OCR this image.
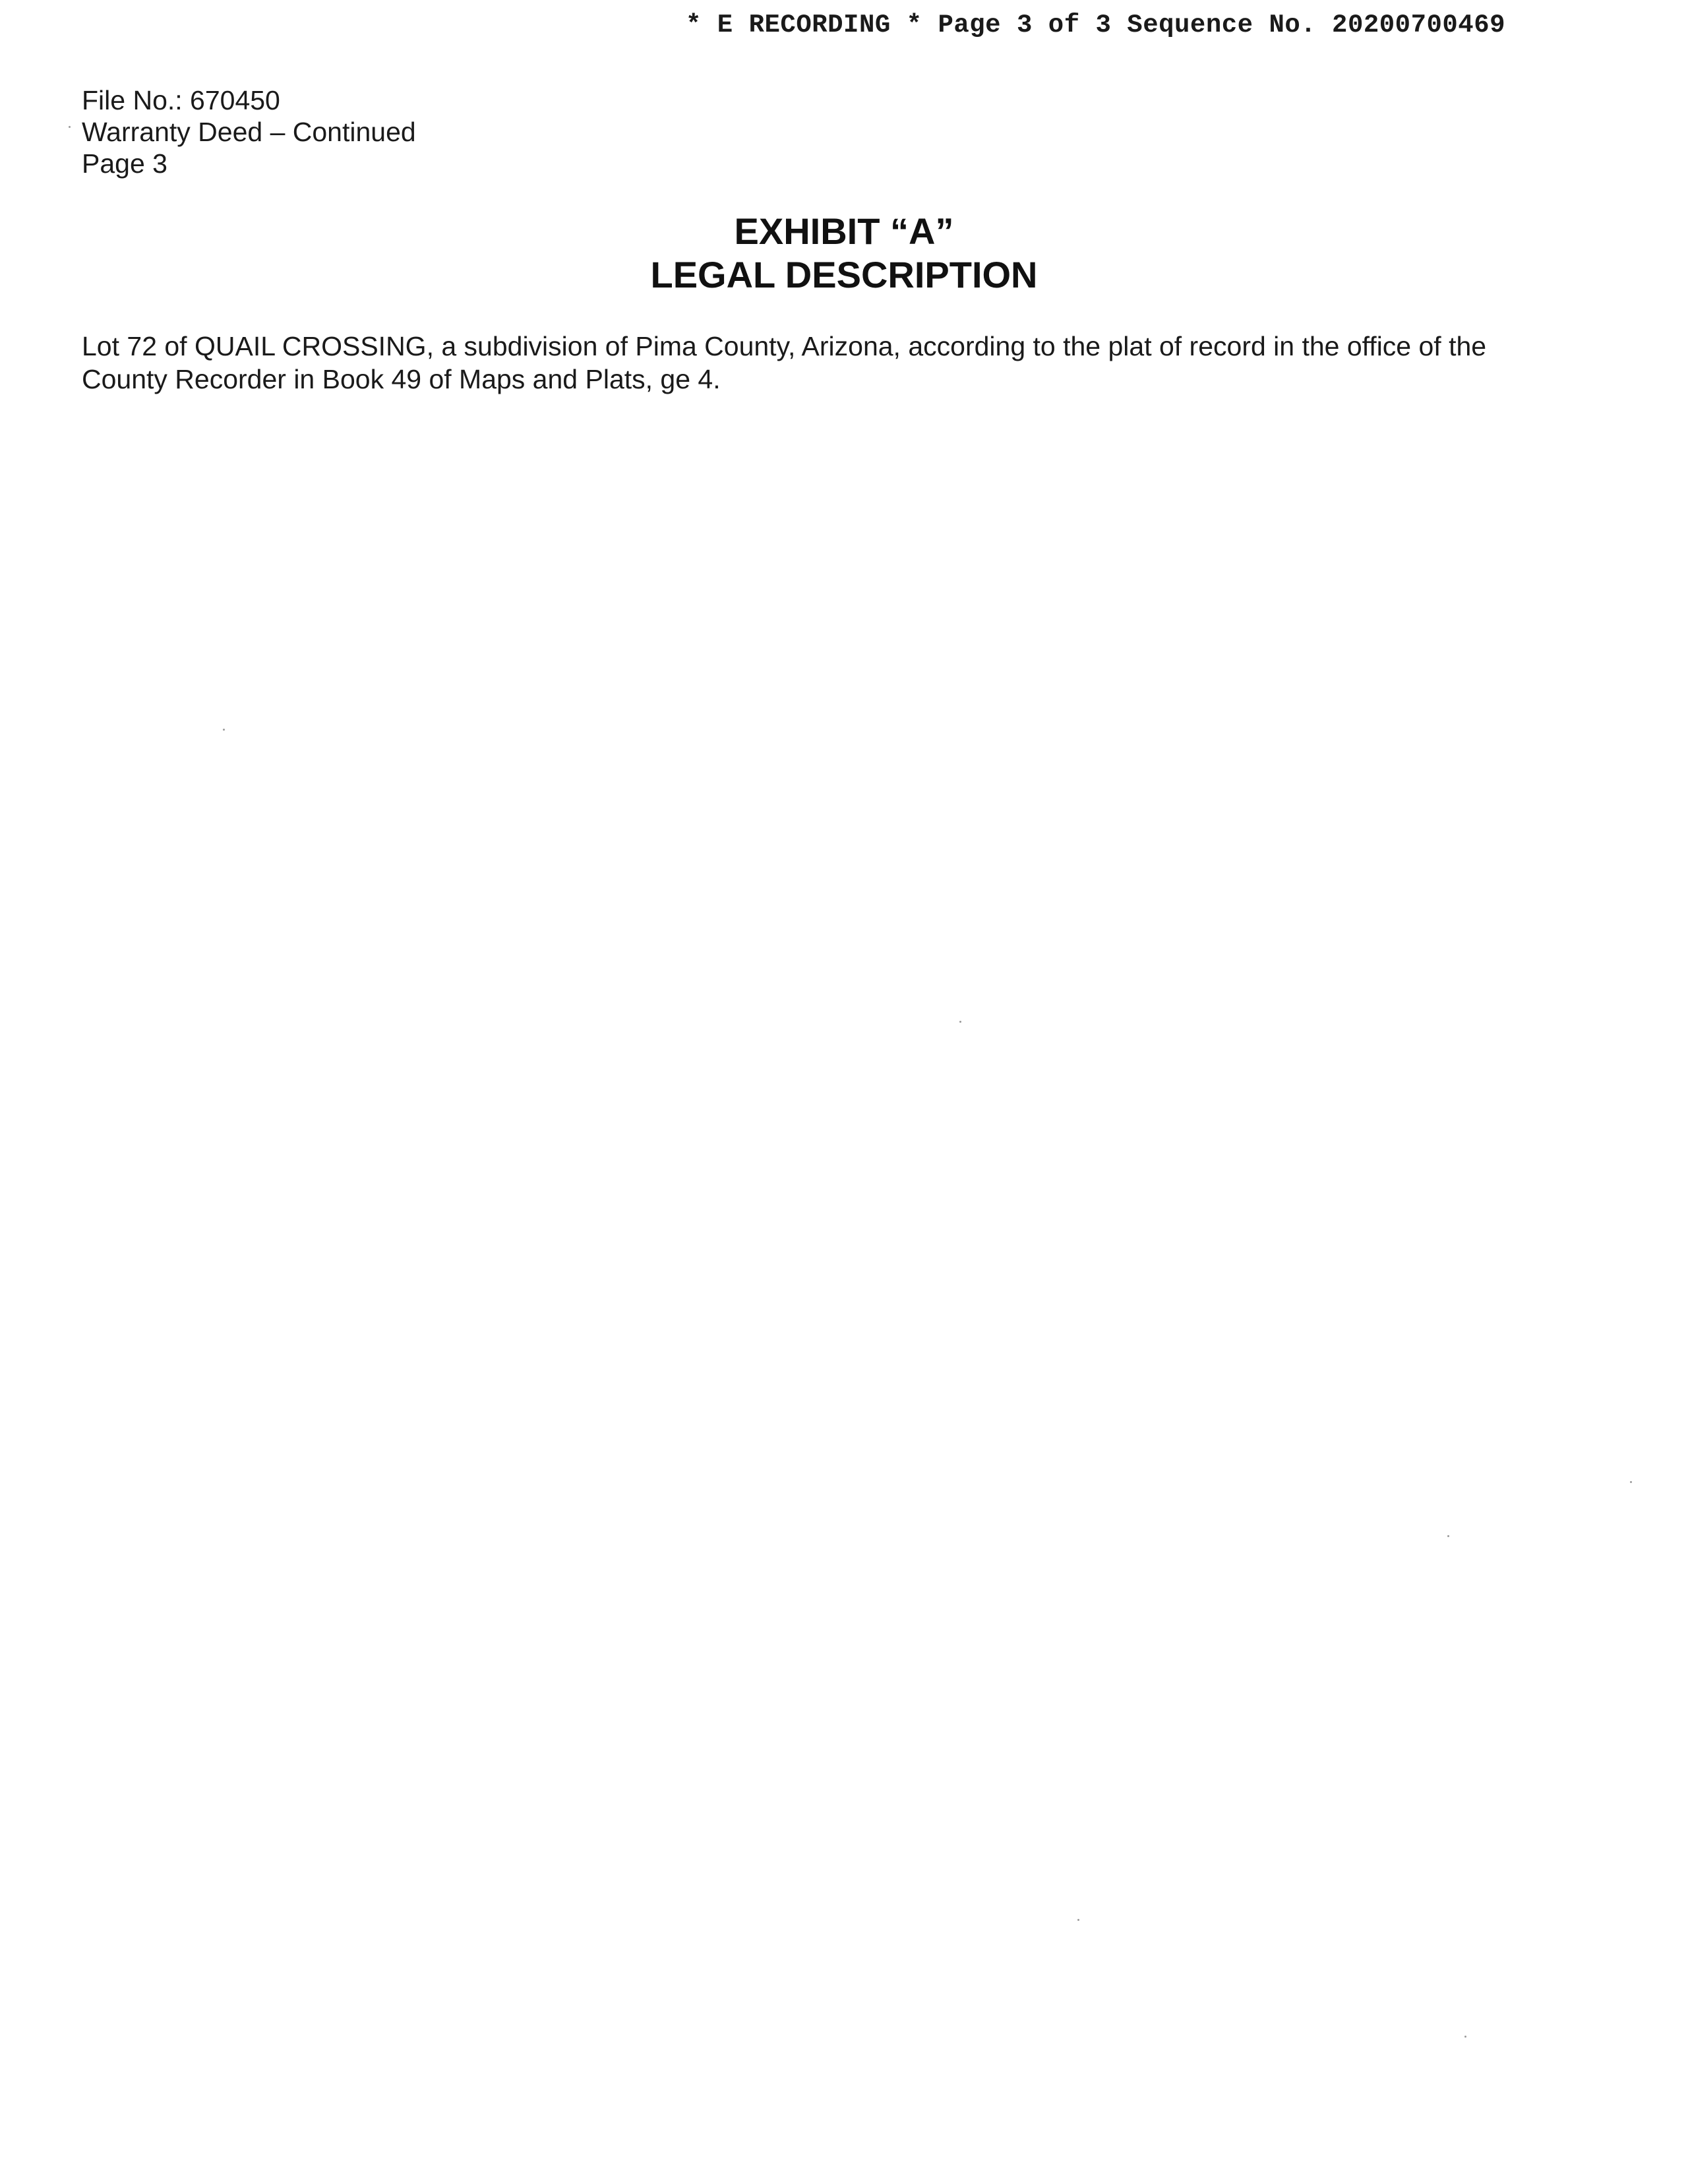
* E RECORDING * Page 3 of 3 Sequence No. 20200700469
File No.: 670450
Warranty Deed – Continued
Page 3
EXHIBIT “A”
LEGAL DESCRIPTION
Lot 72 of QUAIL CROSSING, a subdivision of Pima County, Arizona, according to the plat of record in the office of the County Recorder in Book 49 of Maps and Plats, ge 4.
